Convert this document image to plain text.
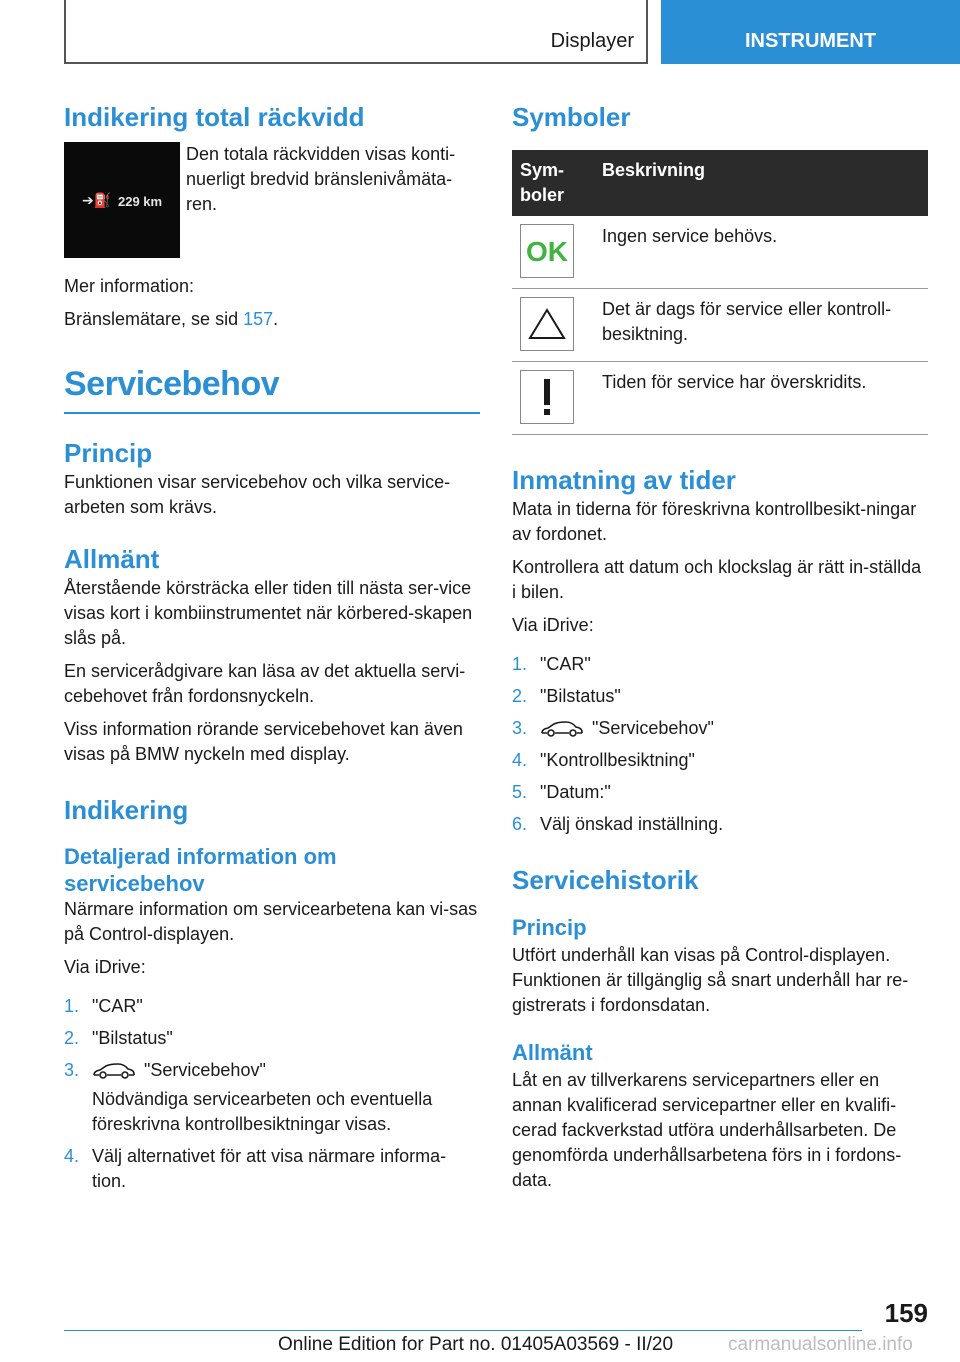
Displayer	INSTRUMENT
Indikering total räckvidd
➔⛽ 229 km

Den totala räckvidden visas konti-nuerligt bredvid bränslenivåmäta-ren.

Mer information:

Bränslemätare, se sid 157.

Servicebehov
Princip

Funktionen visar servicebehov och vilka service-arbeten som krävs.

Allmänt

Återstående körsträcka eller tiden till nästa ser-vice visas kort i kombiinstrumentet när körbered-skapen slås på.

En servicerådgivare kan läsa av det aktuella servi-cebehovet från fordonsnyckeln.

Viss information rörande servicebehovet kan även visas på BMW nyckeln med display.

Indikering
Detaljerad information om servicebehov

Närmare information om servicearbetena kan vi-sas på Control-displayen.

Via iDrive:

1. "CAR"
2. "Bilstatus"
3.	"Servicebehov"
Nödvändiga servicearbeten och eventuella föreskrivna kontrollbesiktningar visas.
4. Välj alternativet för att visa närmare informa-tion.
Symboler
Sym-boler	Beskrivning

OK	Ingen service behövs.

	Det är dags för service eller kontroll-besiktning.

	Tiden för service har överskridits.
Inmatning av tider

Mata in tiderna för föreskrivna kontrollbesikt-ningar av fordonet.

Kontrollera att datum och klockslag är rätt in-ställda i bilen.

Via iDrive:

1. "CAR"
2. "Bilstatus"
3.	"Servicebehov"
4. "Kontrollbesiktning"
5. "Datum:"
6. Välj önskad inställning.
Servicehistorik
Princip

Utfört underhåll kan visas på Control-displayen. Funktionen är tillgänglig så snart underhåll har re-gistrerats i fordonsdatan.

Allmänt

Låt en av tillverkarens servicepartners eller en annan kvalificerad servicepartner eller en kvalifi-cerad fackverkstad utföra underhållsarbeten. De genomförda underhållsarbetena förs in i fordons-data.

159
Online Edition for Part no. 01405A03569 - II/20	carmanualsonline.info
